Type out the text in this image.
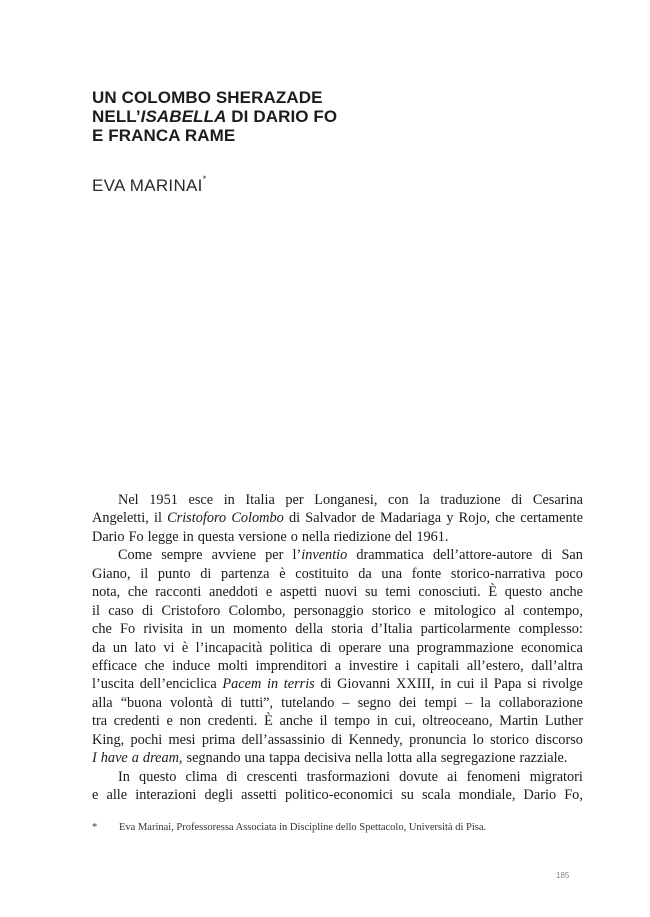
UN COLOMBO SHERAZADE
NELL’ISABELLA DI DARIO FO
E FRANCA RAME
EVA MARINAI*
Nel 1951 esce in Italia per Longanesi, con la traduzione di Cesarina
Angeletti, il Cristoforo Colombo di Salvador de Madariaga y Rojo, che certamente
Dario Fo legge in questa versione o nella riedizione del 1961.
Come sempre avviene per l’inventio drammatica dell’attore-autore di San
Giano, il punto di partenza è costituito da una fonte storico-narrativa poco
nota, che racconti aneddoti e aspetti nuovi su temi conosciuti. È questo anche
il caso di Cristoforo Colombo, personaggio storico e mitologico al contempo,
che Fo rivisita in un momento della storia d’Italia particolarmente complesso:
da un lato vi è l’incapacità politica di operare una programmazione economica
efficace che induce molti imprenditori a investire i capitali all’estero, dall’altra
l’uscita dell’enciclica Pacem in terris di Giovanni XXIII, in cui il Papa si rivolge
alla “buona volontà di tutti”, tutelando – segno dei tempi – la collaborazione
tra credenti e non credenti. È anche il tempo in cui, oltreoceano, Martin Luther
King, pochi mesi prima dell’assassinio di Kennedy, pronuncia lo storico discorso
I have a dream, segnando una tappa decisiva nella lotta alla segregazione razziale.
In questo clima di crescenti trasformazioni dovute ai fenomeni migratori
e alle interazioni degli assetti politico-economici su scala mondiale, Dario Fo,
*	Eva Marinai, Professoressa Associata in Discipline dello Spettacolo, Università di Pisa.
185
